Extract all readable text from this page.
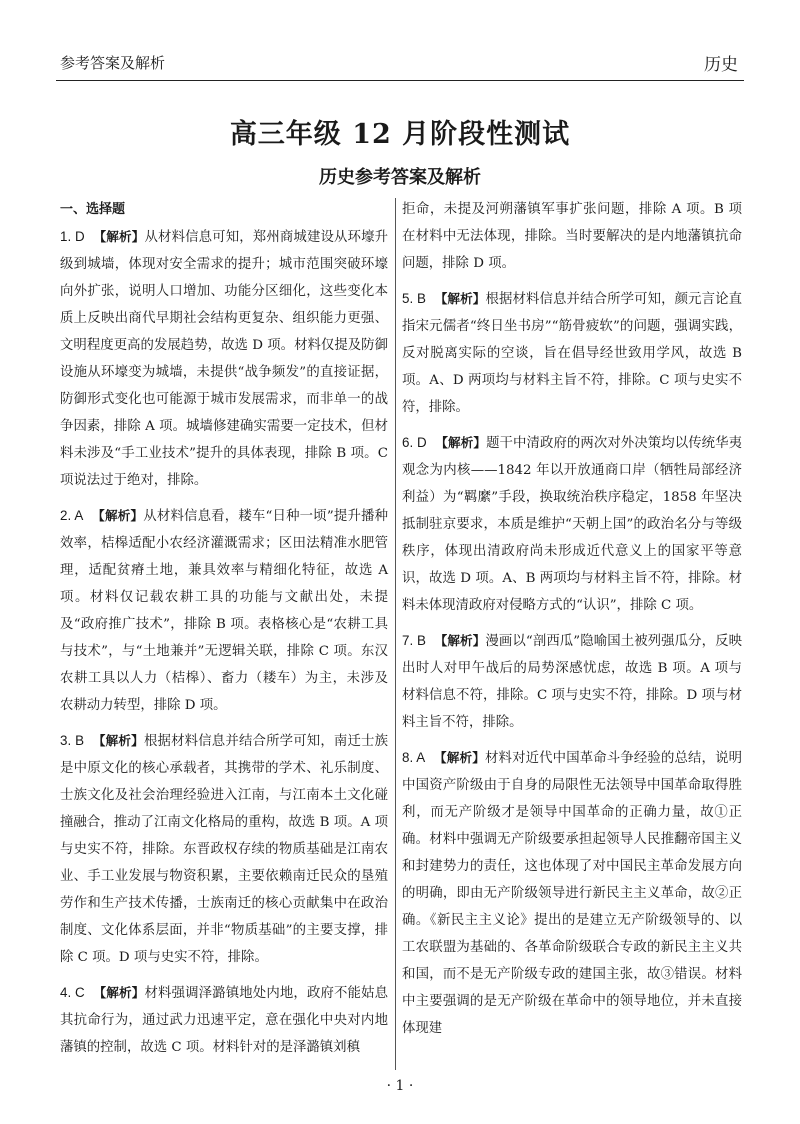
参考答案及解析	历史
高三年级 12 月阶段性测试
历史参考答案及解析
一、选择题

1. D 【解析】从材料信息可知，郑州商城建设从环壕升级到城墙，体现对安全需求的提升；城市范围突破环壕向外扩张，说明人口增加、功能分区细化，这些变化本质上反映出商代早期社会结构更复杂、组织能力更强、文明程度更高的发展趋势，故选 D 项。材料仅提及防御设施从环壕变为城墙，未提供“战争频发”的直接证据，防御形式变化也可能源于城市发展需求，而非单一的战争因素，排除 A 项。城墙修建确实需要一定技术，但材料未涉及“手工业技术”提升的具体表现，排除 B 项。C 项说法过于绝对，排除。

2. A 【解析】从材料信息看，耧车“日种一顷”提升播种效率，桔槔适配小农经济灌溉需求；区田法精准水肥管理，适配贫瘠土地，兼具效率与精细化特征，故选 A 项。材料仅记载农耕工具的功能与文献出处，未提及“政府推广技术”，排除 B 项。表格核心是“农耕工具与技术”，与“土地兼并”无逻辑关联，排除 C 项。东汉农耕工具以人力（桔槔）、畜力（耧车）为主，未涉及农耕动力转型，排除 D 项。

3. B 【解析】根据材料信息并结合所学可知，南迁士族是中原文化的核心承载者，其携带的学术、礼乐制度、士族文化及社会治理经验进入江南，与江南本土文化碰撞融合，推动了江南文化格局的重构，故选 B 项。A 项与史实不符，排除。东晋政权存续的物质基础是江南农业、手工业发展与物资积累，主要依赖南迁民众的垦殖劳作和生产技术传播，士族南迁的核心贡献集中在政治制度、文化体系层面，并非“物质基础”的主要支撑，排除 C 项。D 项与史实不符，排除。

4. C 【解析】材料强调泽潞镇地处内地，政府不能姑息其抗命行为，通过武力迅速平定，意在强化中央对内地藩镇的控制，故选 C 项。材料针对的是泽潞镇刘稹

拒命，未提及河朔藩镇军事扩张问题，排除 A 项。B 项在材料中无法体现，排除。当时要解决的是内地藩镇抗命问题，排除 D 项。

5. B 【解析】根据材料信息并结合所学可知，颜元言论直指宋元儒者“终日坐书房”“筋骨疲软”的问题，强调实践，反对脱离实际的空谈，旨在倡导经世致用学风，故选 B 项。A、D 两项均与材料主旨不符，排除。C 项与史实不符，排除。

6. D 【解析】题干中清政府的两次对外决策均以传统华夷观念为内核——1842 年以开放通商口岸（牺牲局部经济利益）为“羁縻”手段，换取统治秩序稳定，1858 年坚决抵制驻京要求，本质是维护“天朝上国”的政治名分与等级秩序，体现出清政府尚未形成近代意义上的国家平等意识，故选 D 项。A、B 两项均与材料主旨不符，排除。材料未体现清政府对侵略方式的“认识”，排除 C 项。

7. B 【解析】漫画以“剖西瓜”隐喻国土被列强瓜分，反映出时人对甲午战后的局势深感忧虑，故选 B 项。A 项与材料信息不符，排除。C 项与史实不符，排除。D 项与材料主旨不符，排除。

8. A 【解析】材料对近代中国革命斗争经验的总结，说明中国资产阶级由于自身的局限性无法领导中国革命取得胜利，而无产阶级才是领导中国革命的正确力量，故①正确。材料中强调无产阶级要承担起领导人民推翻帝国主义和封建势力的责任，这也体现了对中国民主革命发展方向的明确，即由无产阶级领导进行新民主主义革命，故②正确。《新民主主义论》提出的是建立无产阶级领导的、以工农联盟为基础的、各革命阶级联合专政的新民主主义共和国，而不是无产阶级专政的建国主张，故③错误。材料中主要强调的是无产阶级在革命中的领导地位，并未直接体现建

· 1 ·
